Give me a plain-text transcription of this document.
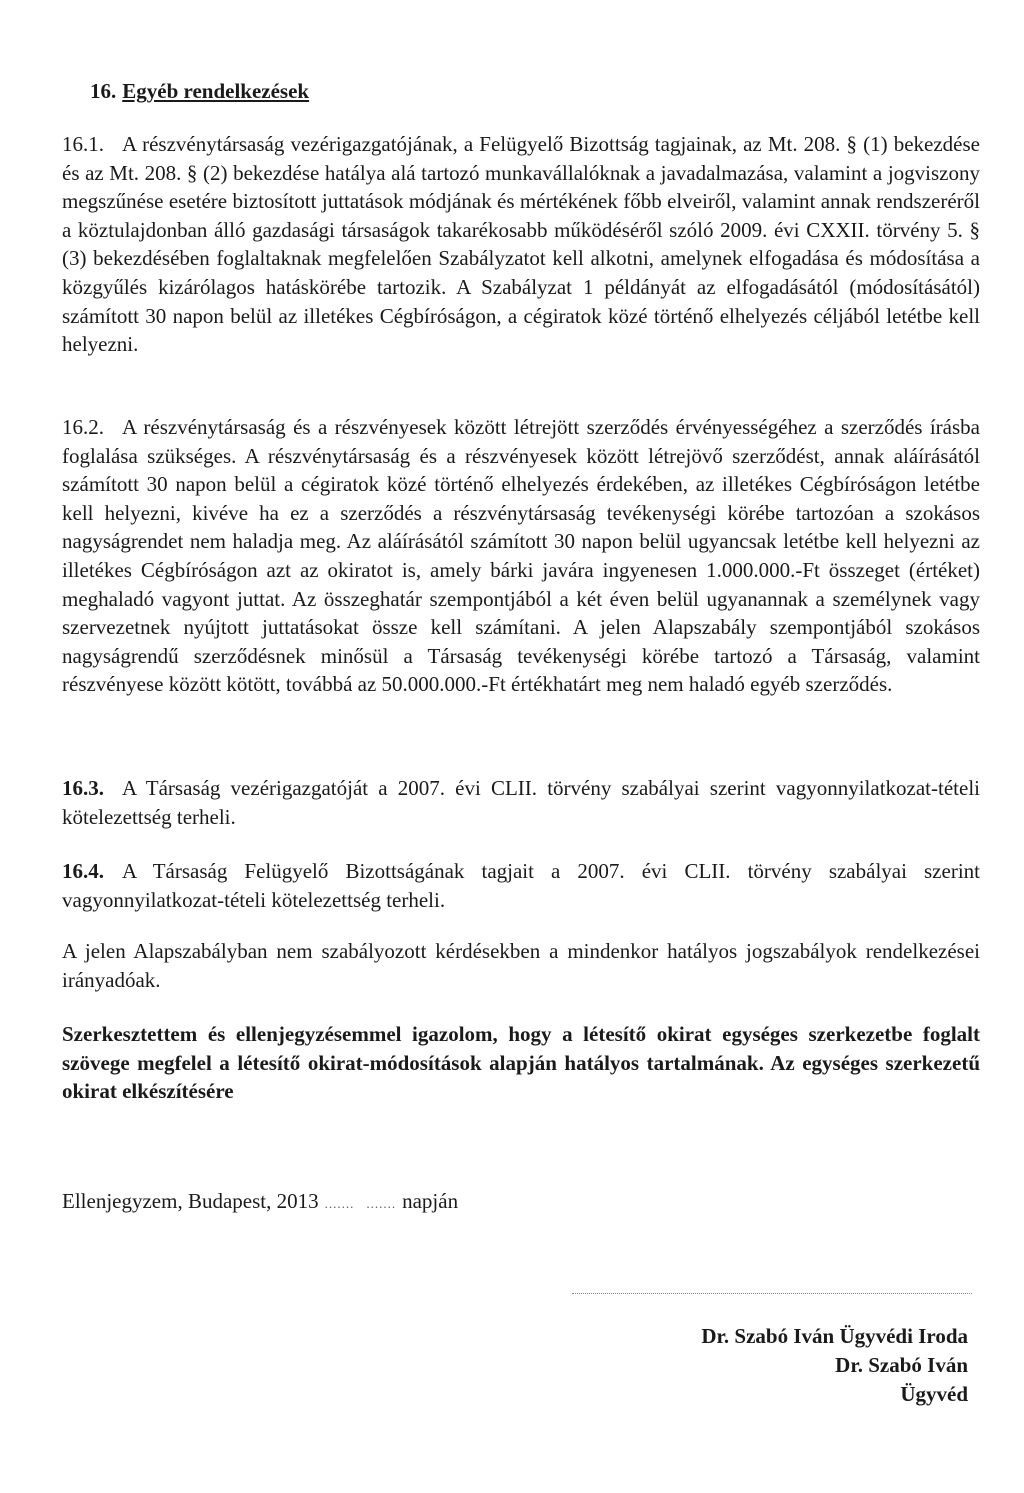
16. Egyéb rendelkezések
16.1. A részvénytársaság vezérigazgatójának, a Felügyelő Bizottság tagjainak, az Mt. 208. § (1) bekezdése és az Mt. 208. § (2) bekezdése hatálya alá tartozó munkavállalóknak a javadalmazása, valamint a jogviszony megszűnése esetére biztosított juttatások módjának és mértékének főbb elveiről, valamint annak rendszeréről a köztulajdonban álló gazdasági társaságok takarékosabb működéséről szóló 2009. évi CXXII. törvény 5. § (3) bekezdésében foglaltaknak megfelelően Szabályzatot kell alkotni, amelynek elfogadása és módosítása a közgyűlés kizárólagos hatáskörébe tartozik. A Szabályzat 1 példányát az elfogadásától (módosításától) számított 30 napon belül az illetékes Cégbíróságon, a cégiratok közé történő elhelyezés céljából letétbe kell helyezni.
16.2. A részvénytársaság és a részvényesek között létrejött szerződés érvényességéhez a szerződés írásba foglalása szükséges. A részvénytársaság és a részvényesek között létrejövő szerződést, annak aláírásától számított 30 napon belül a cégiratok közé történő elhelyezés érdekében, az illetékes Cégbíróságon letétbe kell helyezni, kivéve ha ez a szerződés a részvénytársaság tevékenységi körébe tartozóan a szokásos nagyságrendet nem haladja meg. Az aláírásától számított 30 napon belül ugyancsak letétbe kell helyezni az illetékes Cégbíróságon azt az okiratot is, amely bárki javára ingyenesen 1.000.000.-Ft összeget (értéket) meghaladó vagyont juttat. Az összeghatár szempontjából a két éven belül ugyanannak a személynek vagy szervezetnek nyújtott juttatásokat össze kell számítani. A jelen Alapszabály szempontjából szokásos nagyságrendű szerződésnek minősül a Társaság tevékenységi körébe tartozó a Társaság, valamint részvényese között kötött, továbbá az 50.000.000.-Ft értékhatárt meg nem haladó egyéb szerződés.
16.3. A Társaság vezérigazgatóját a 2007. évi CLII. törvény szabályai szerint vagyonnyilatkozat-tételi kötelezettség terheli.
16.4. A Társaság Felügyelő Bizottságának tagjait a 2007. évi CLII. törvény szabályai szerint vagyonnyilatkozat-tételi kötelezettség terheli.
A jelen Alapszabályban nem szabályozott kérdésekben a mindenkor hatályos jogszabályok rendelkezései irányadóak.
Szerkesztettem és ellenjegyzésemmel igazolom, hogy a létesítő okirat egységes szerkezetbe foglalt szövege megfelel a létesítő okirat-módosítások alapján hatályos tartalmának. Az egységes szerkezetű okirat elkészítésére
Ellenjegyzem, Budapest, 2013 ....... ....... napján
Dr. Szabó Iván Ügyvédi Iroda
Dr. Szabó Iván
Ügyvéd
